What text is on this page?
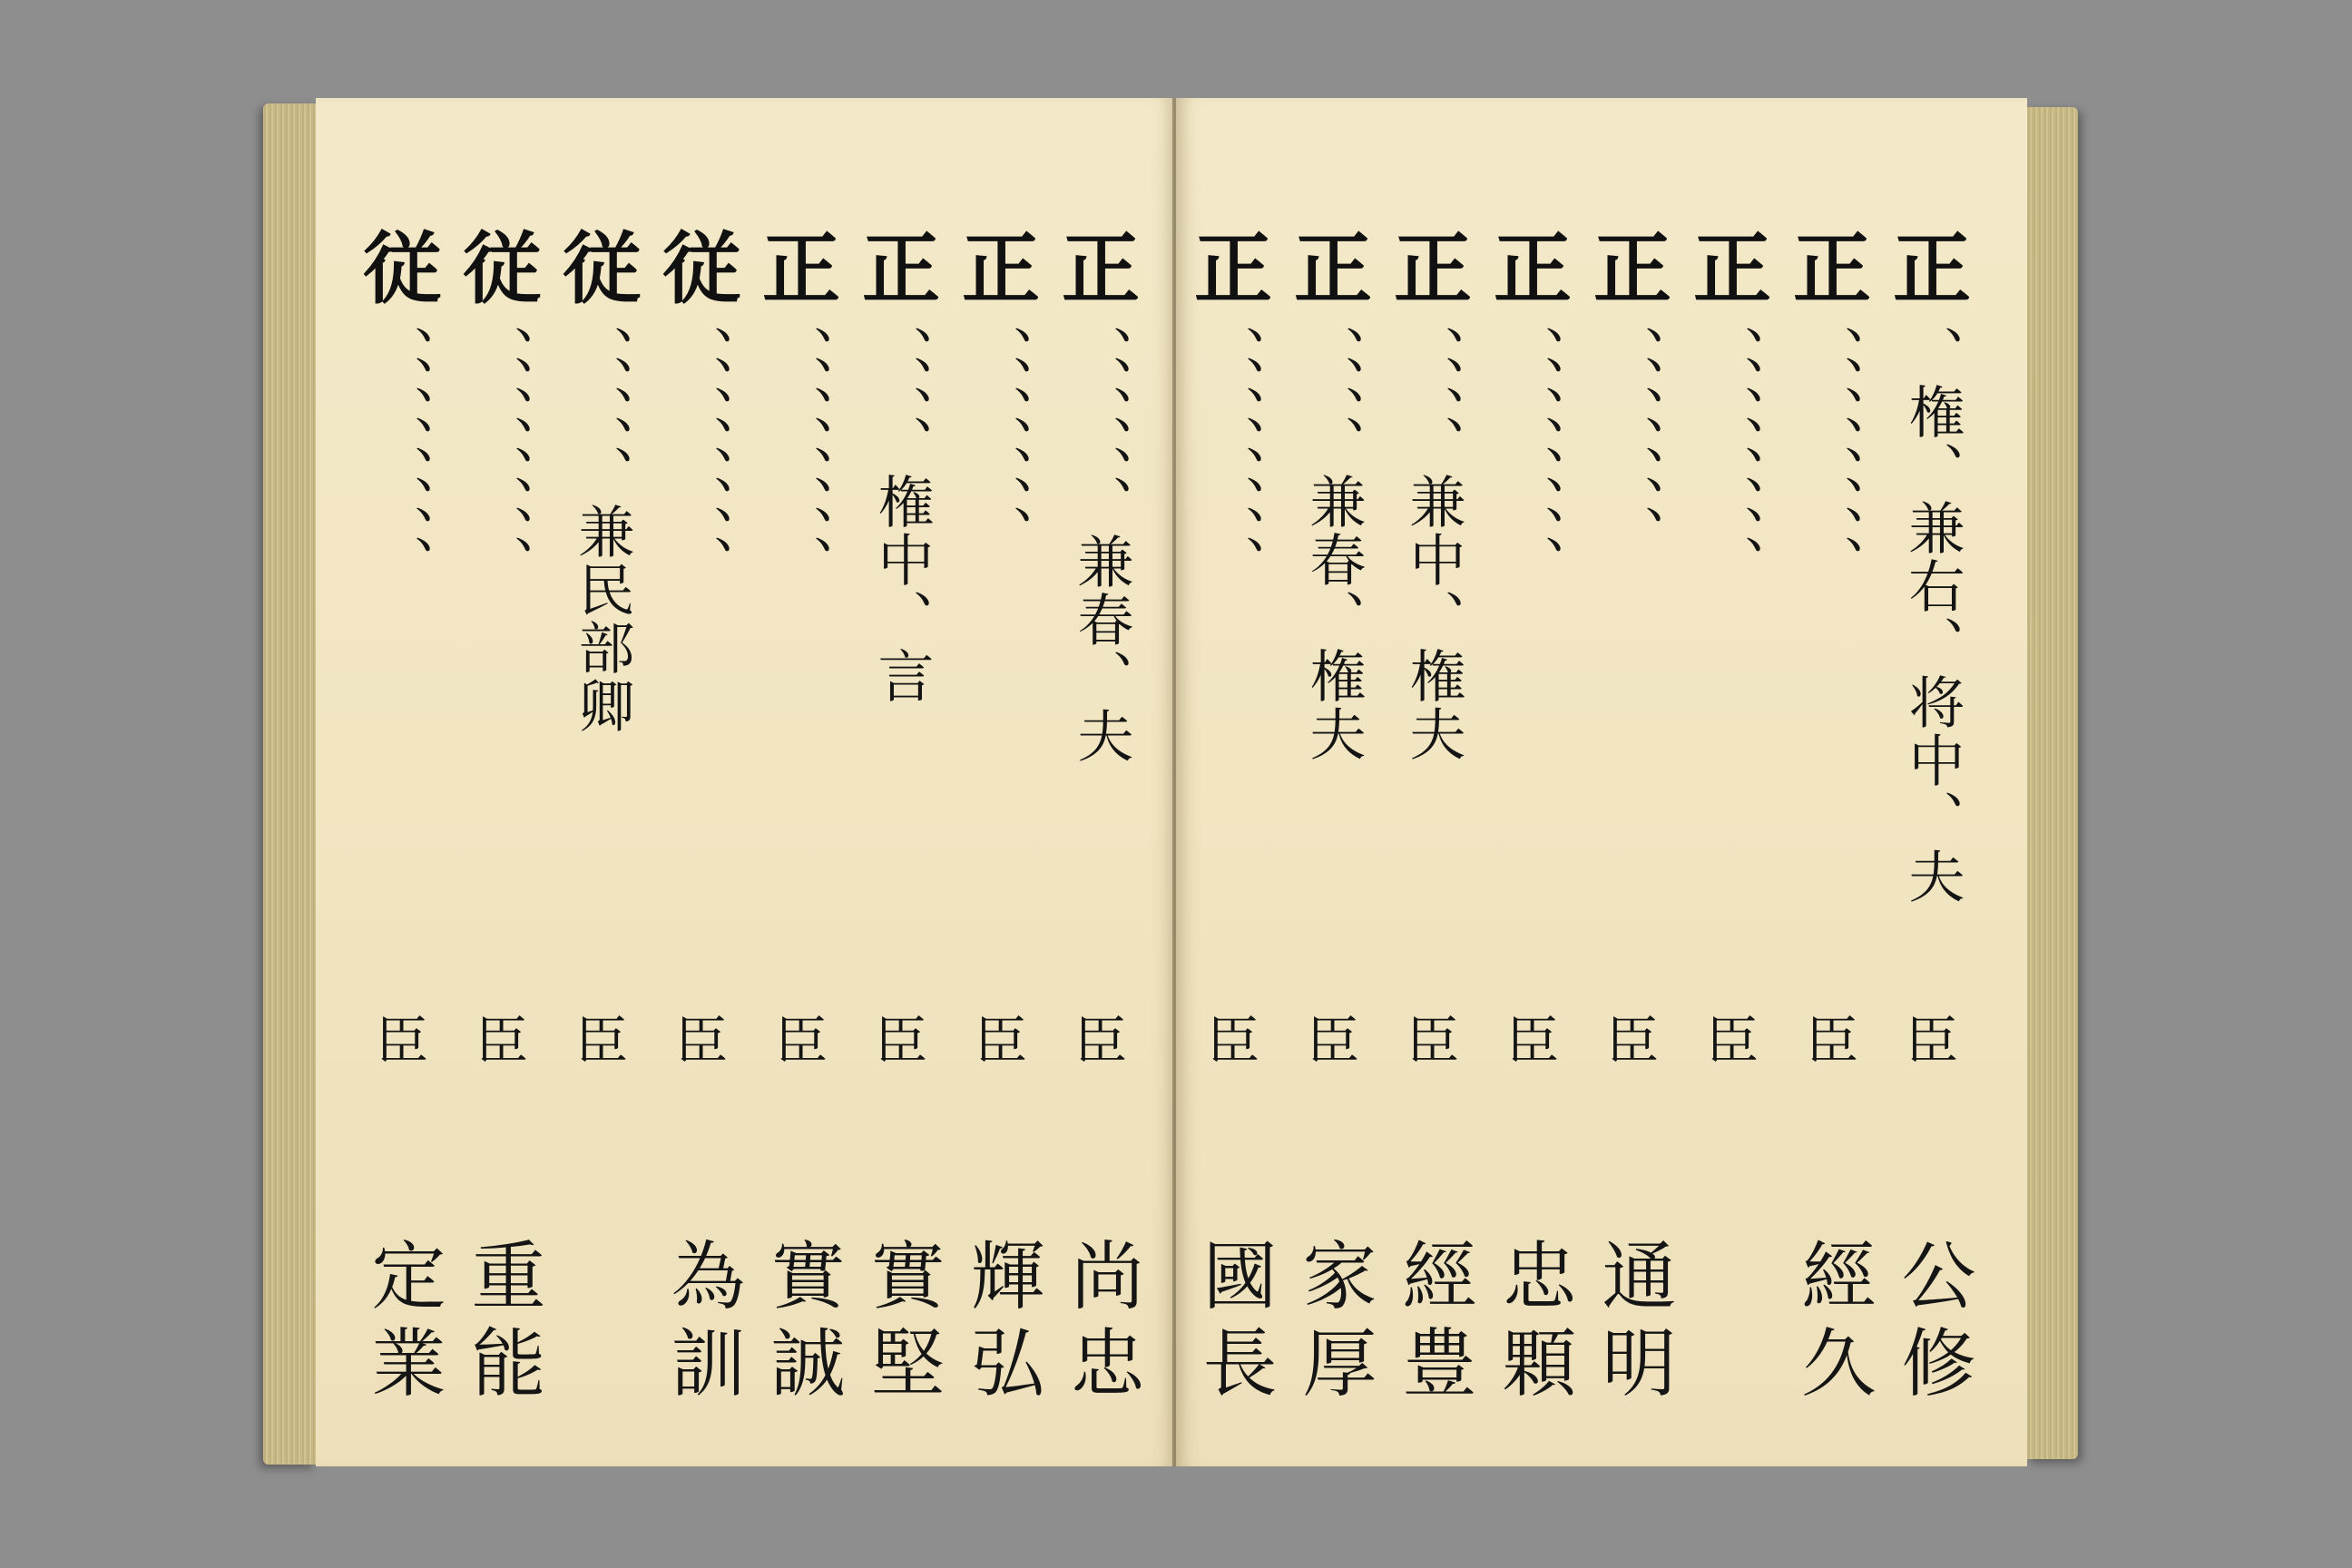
正
、、、、、、兼春、夫
臣
尚忠
正
、、、、、、、
臣
輝弘
正
、、、、権中、言
臣
實堅
正
、、、、、、、、
臣
實誠
従
、、、、、、、、
臣
為訓
従
、、、、、兼民部卿
臣
従
、、、、、、、、
臣
重能
従
、、、、、、、、
臣
定業
正
、、、、、、、、
臣
國長
正
、、、、兼春、権夫
臣
家厚
正
、、、、兼中、権夫
臣
經豊
正
、、、、、、、、
臣
忠顆
正
、、、、、、、
臣
通明
正
、、、、、、、、
臣
正
、、、、、、、、
臣
經久
正
、権、兼右、将中、夫
臣
公修
